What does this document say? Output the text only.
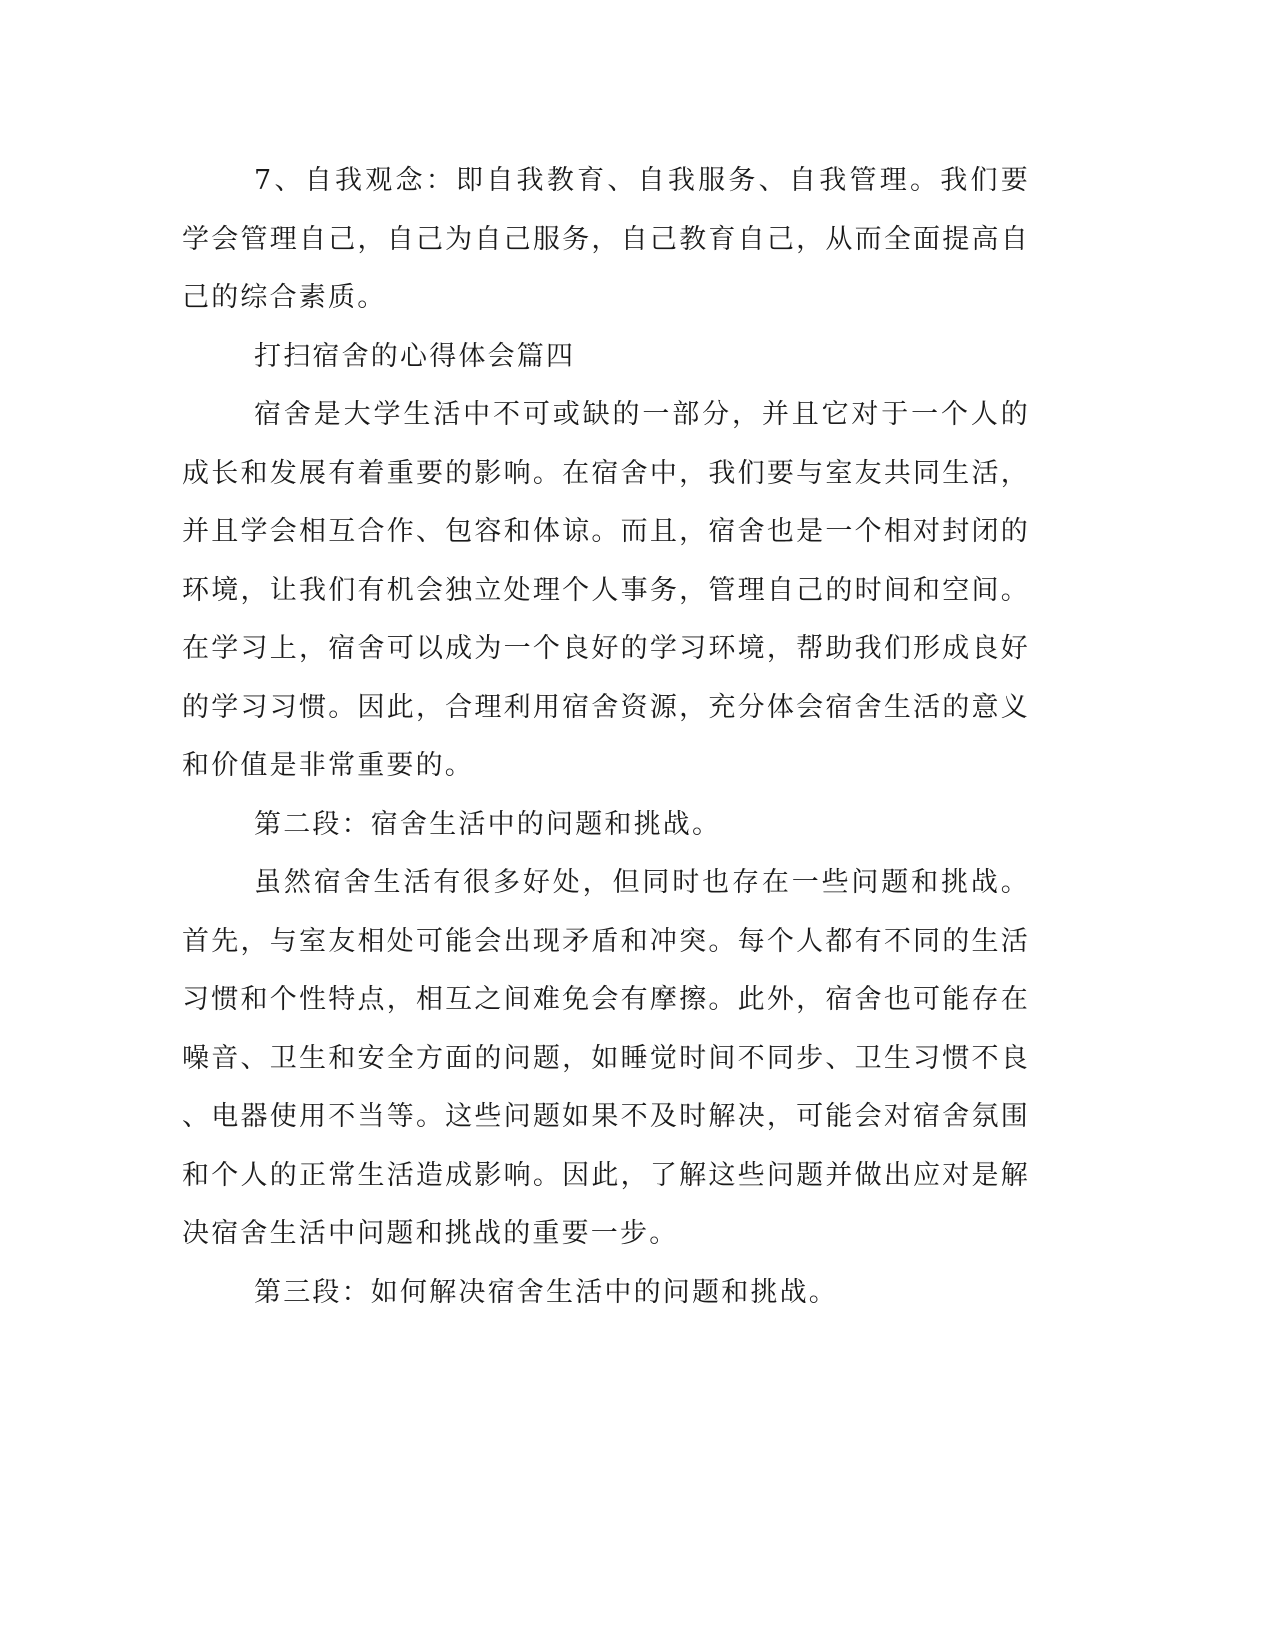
7、自我观念：即自我教育、自我服务、自我管理。我们要学会管理自己，自己为自己服务，自己教育自己，从而全面提高自己的综合素质。

打扫宿舍的心得体会篇四

宿舍是大学生活中不可或缺的一部分，并且它对于一个人的成长和发展有着重要的影响。在宿舍中，我们要与室友共同生活，并且学会相互合作、包容和体谅。而且，宿舍也是一个相对封闭的环境，让我们有机会独立处理个人事务，管理自己的时间和空间。在学习上，宿舍可以成为一个良好的学习环境，帮助我们形成良好的学习习惯。因此，合理利用宿舍资源，充分体会宿舍生活的意义和价值是非常重要的。

第二段：宿舍生活中的问题和挑战。

虽然宿舍生活有很多好处，但同时也存在一些问题和挑战。首先，与室友相处可能会出现矛盾和冲突。每个人都有不同的生活习惯和个性特点，相互之间难免会有摩擦。此外，宿舍也可能存在噪音、卫生和安全方面的问题，如睡觉时间不同步、卫生习惯不良、电器使用不当等。这些问题如果不及时解决，可能会对宿舍氛围和个人的正常生活造成影响。因此，了解这些问题并做出应对是解决宿舍生活中问题和挑战的重要一步。

第三段：如何解决宿舍生活中的问题和挑战。
